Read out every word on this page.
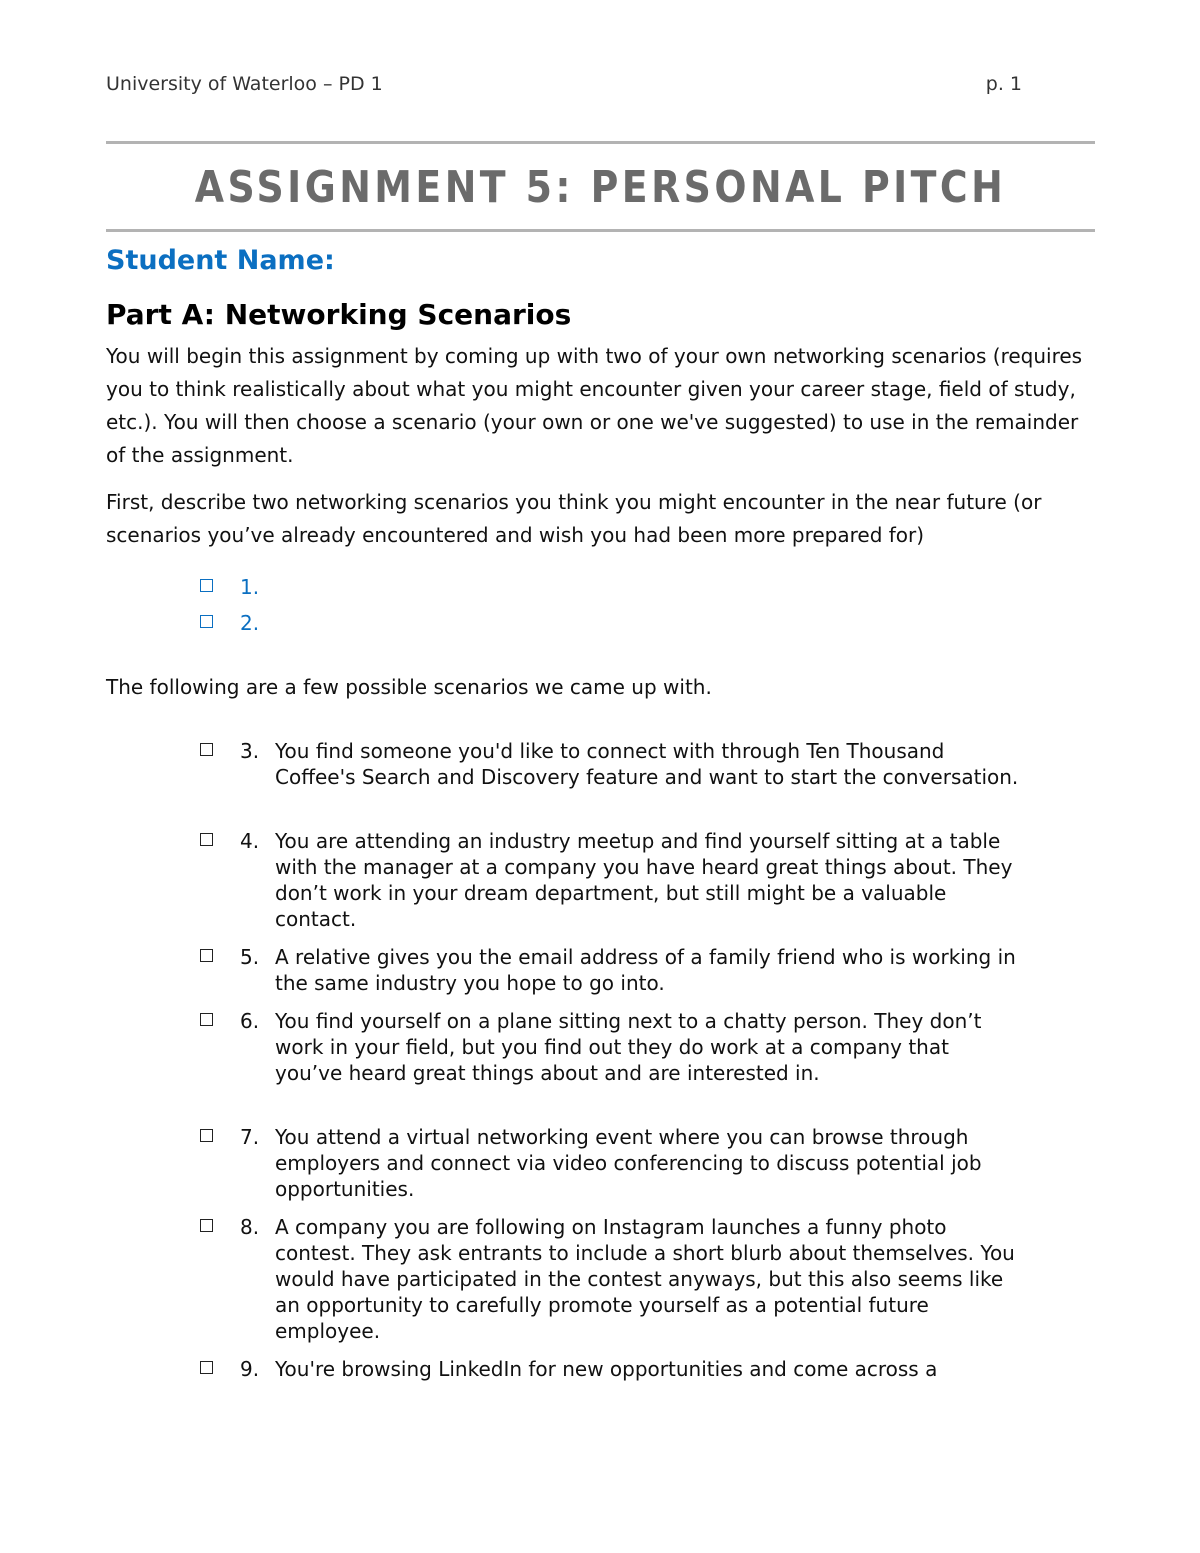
University of Waterloo – PD 1	p. 1
ASSIGNMENT 5: PERSONAL PITCH
Student Name:
Part A: Networking Scenarios
You will begin this assignment by coming up with two of your own networking scenarios (requires you to think realistically about what you might encounter given your career stage, field of study, etc.). You will then choose a scenario (your own or one we've suggested) to use in the remainder of the assignment.
First, describe two networking scenarios you think you might encounter in the near future (or scenarios you’ve already encountered and wish you had been more prepared for)
1.
2.
The following are a few possible scenarios we came up with.
3. You find someone you'd like to connect with through Ten Thousand Coffee's Search and Discovery feature and want to start the conversation.
4. You are attending an industry meetup and find yourself sitting at a table with the manager at a company you have heard great things about. They don’t work in your dream department, but still might be a valuable contact.
5. A relative gives you the email address of a family friend who is working in the same industry you hope to go into.
6. You find yourself on a plane sitting next to a chatty person. They don’t work in your field, but you find out they do work at a company that you’ve heard great things about and are interested in.
7. You attend a virtual networking event where you can browse through employers and connect via video conferencing to discuss potential job opportunities.
8. A company you are following on Instagram launches a funny photo contest. They ask entrants to include a short blurb about themselves. You would have participated in the contest anyways, but this also seems like an opportunity to carefully promote yourself as a potential future employee.
9. You're browsing LinkedIn for new opportunities and come across a
